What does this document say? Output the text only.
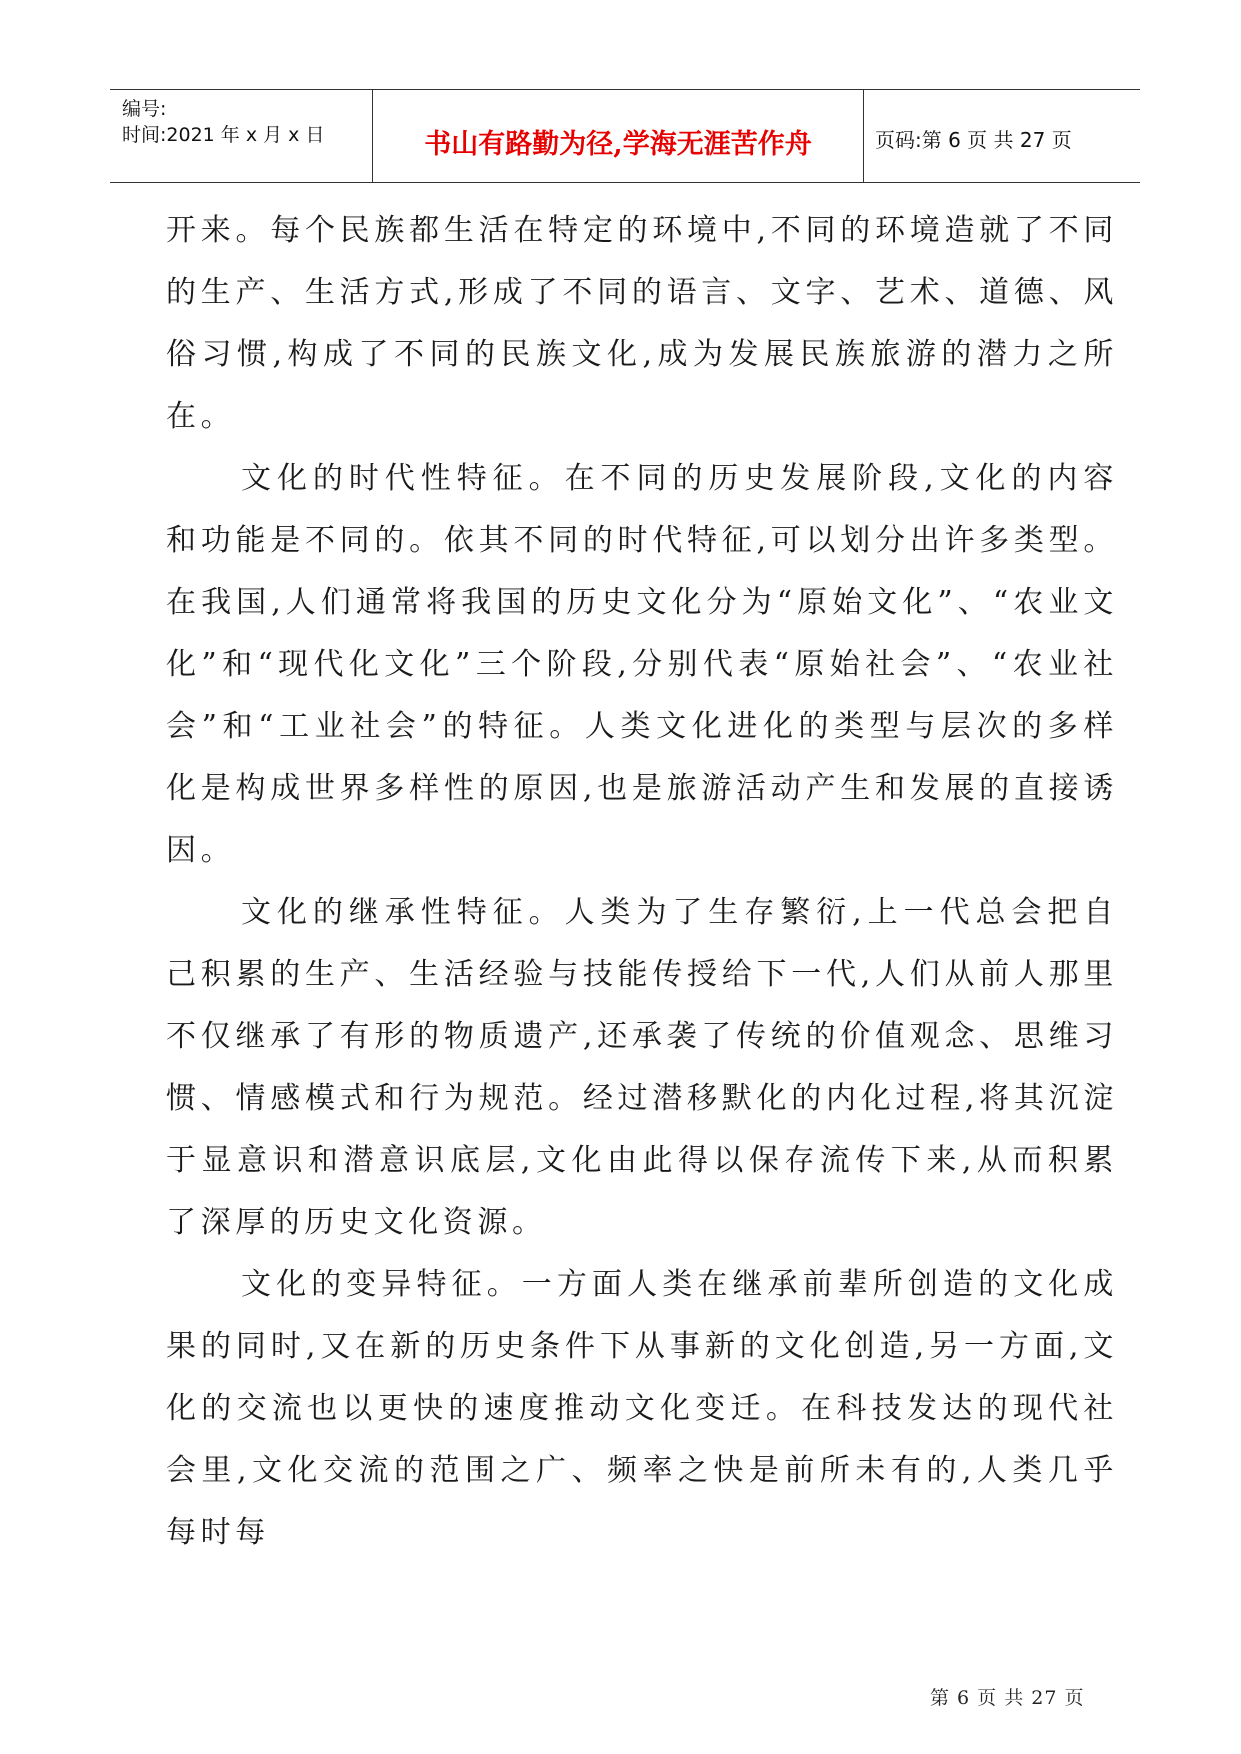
编号:
时间:2021 年 x 月 x 日	书山有路勤为径,学海无涯苦作舟	页码:第 6 页 共 27 页

开来。每个民族都生活在特定的环境中,不同的环境造就了不同的生产、生活方式,形成了不同的语言、文字、艺术、道德、风俗习惯,构成了不同的民族文化,成为发展民族旅游的潜力之所在。

文化的时代性特征。在不同的历史发展阶段,文化的内容和功能是不同的。依其不同的时代特征,可以划分出许多类型。在我国,人们通常将我国的历史文化分为“原始文化”、“农业文化”和“现代化文化”三个阶段,分别代表“原始社会”、“农业社会”和“工业社会”的特征。人类文化进化的类型与层次的多样化是构成世界多样性的原因,也是旅游活动产生和发展的直接诱因。

文化的继承性特征。人类为了生存繁衍,上一代总会把自己积累的生产、生活经验与技能传授给下一代,人们从前人那里不仅继承了有形的物质遗产,还承袭了传统的价值观念、思维习惯、情感模式和行为规范。经过潜移默化的内化过程,将其沉淀于显意识和潜意识底层,文化由此得以保存流传下来,从而积累了深厚的历史文化资源。

文化的变异特征。一方面人类在继承前辈所创造的文化成果的同时,又在新的历史条件下从事新的文化创造,另一方面,文化的交流也以更快的速度推动文化变迁。在科技发达的现代社会里,文化交流的范围之广、频率之快是前所未有的,人类几乎每时每

第 6 页 共 27 页
